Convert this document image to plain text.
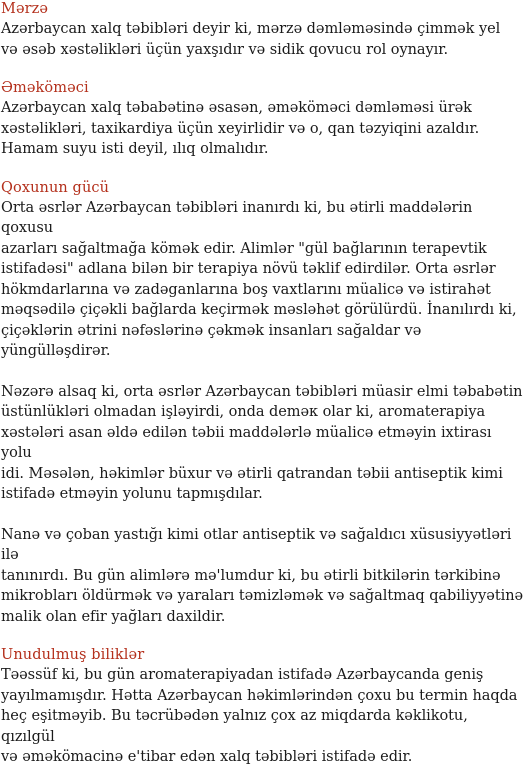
Mərzə

Azərbaycan xalq təbibləri deyir ki, mərzə dəmləməsində çimmək yel
və əsəb xəstəlikləri üçün yaxşıdır və sidik qovucu rol oynayır.

Əməköməci

Azərbaycan xalq təbabətinə əsasən, əməköməci dəmləməsi ürək
xəstəlikləri, taxikardiya üçün xeyirlidir və o, qan təzyiqini azaldır.
Hamam suyu isti deyil, ılıq olmalıdır.

Qoxunun gücü

Orta əsrlər Azərbaycan təbibləri inanırdı ki, bu ətirli maddələrin qoxusu
azarları sağaltmağa kömək edir. Alimlər "gül bağlarının terapevtik
istifadəsi" adlana bilən bir terapiya növü təklif edirdilər. Orta əsrlər
hökmdarlarına və zadəganlarına boş vaxtlarını müalicə və istirahət
məqsədilə çiçəkli bağlarda keçirmək məsləhət görülürdü. İnanılırdı ki,
çiçəklərin ətrini nəfəslərinə çəkmək insanları sağaldar və yüngülləşdirər.

Nəzərə alsaq ki, orta əsrlər Azərbaycan təbibləri müasir elmi təbabətin
üstünlükləri olmadan işləyirdi, onda deməк olar ki, aromaterapiya
xəstələri asan əldə edilən təbii maddələrlə müalicə etməyin ixtirası yolu
idi. Məsələn, həkimlər büxur və ətirli qatrandan təbii antiseptik kimi
istifadə etməyin yolunu tapmışdılar.

Nanə və çoban yastığı kimi otlar antiseptik və sağaldıcı xüsusiyyətləri ilə
tanınırdı. Bu gün alimlərə mə'lumdur ki, bu ətirli bitkilərin tərkibinə
mikrobları öldürmək və yaraları təmizləmək və sağaltmaq qabiliyyətinə
malik olan efir yağları daxildir.

Unudulmuş biliklər

Təəssüf ki, bu gün aromaterapiyadan istifadə Azərbaycanda geniş
yayılmamışdır. Hətta Azərbaycan həkimlərindən çoxu bu termin haqda
heç eşitməyib. Bu təcrübədən yalnız çox az miqdarda kəklikotu, qızılgül
və əməkömacinə e'tibar edən xalq təbibləri istifadə edir.
